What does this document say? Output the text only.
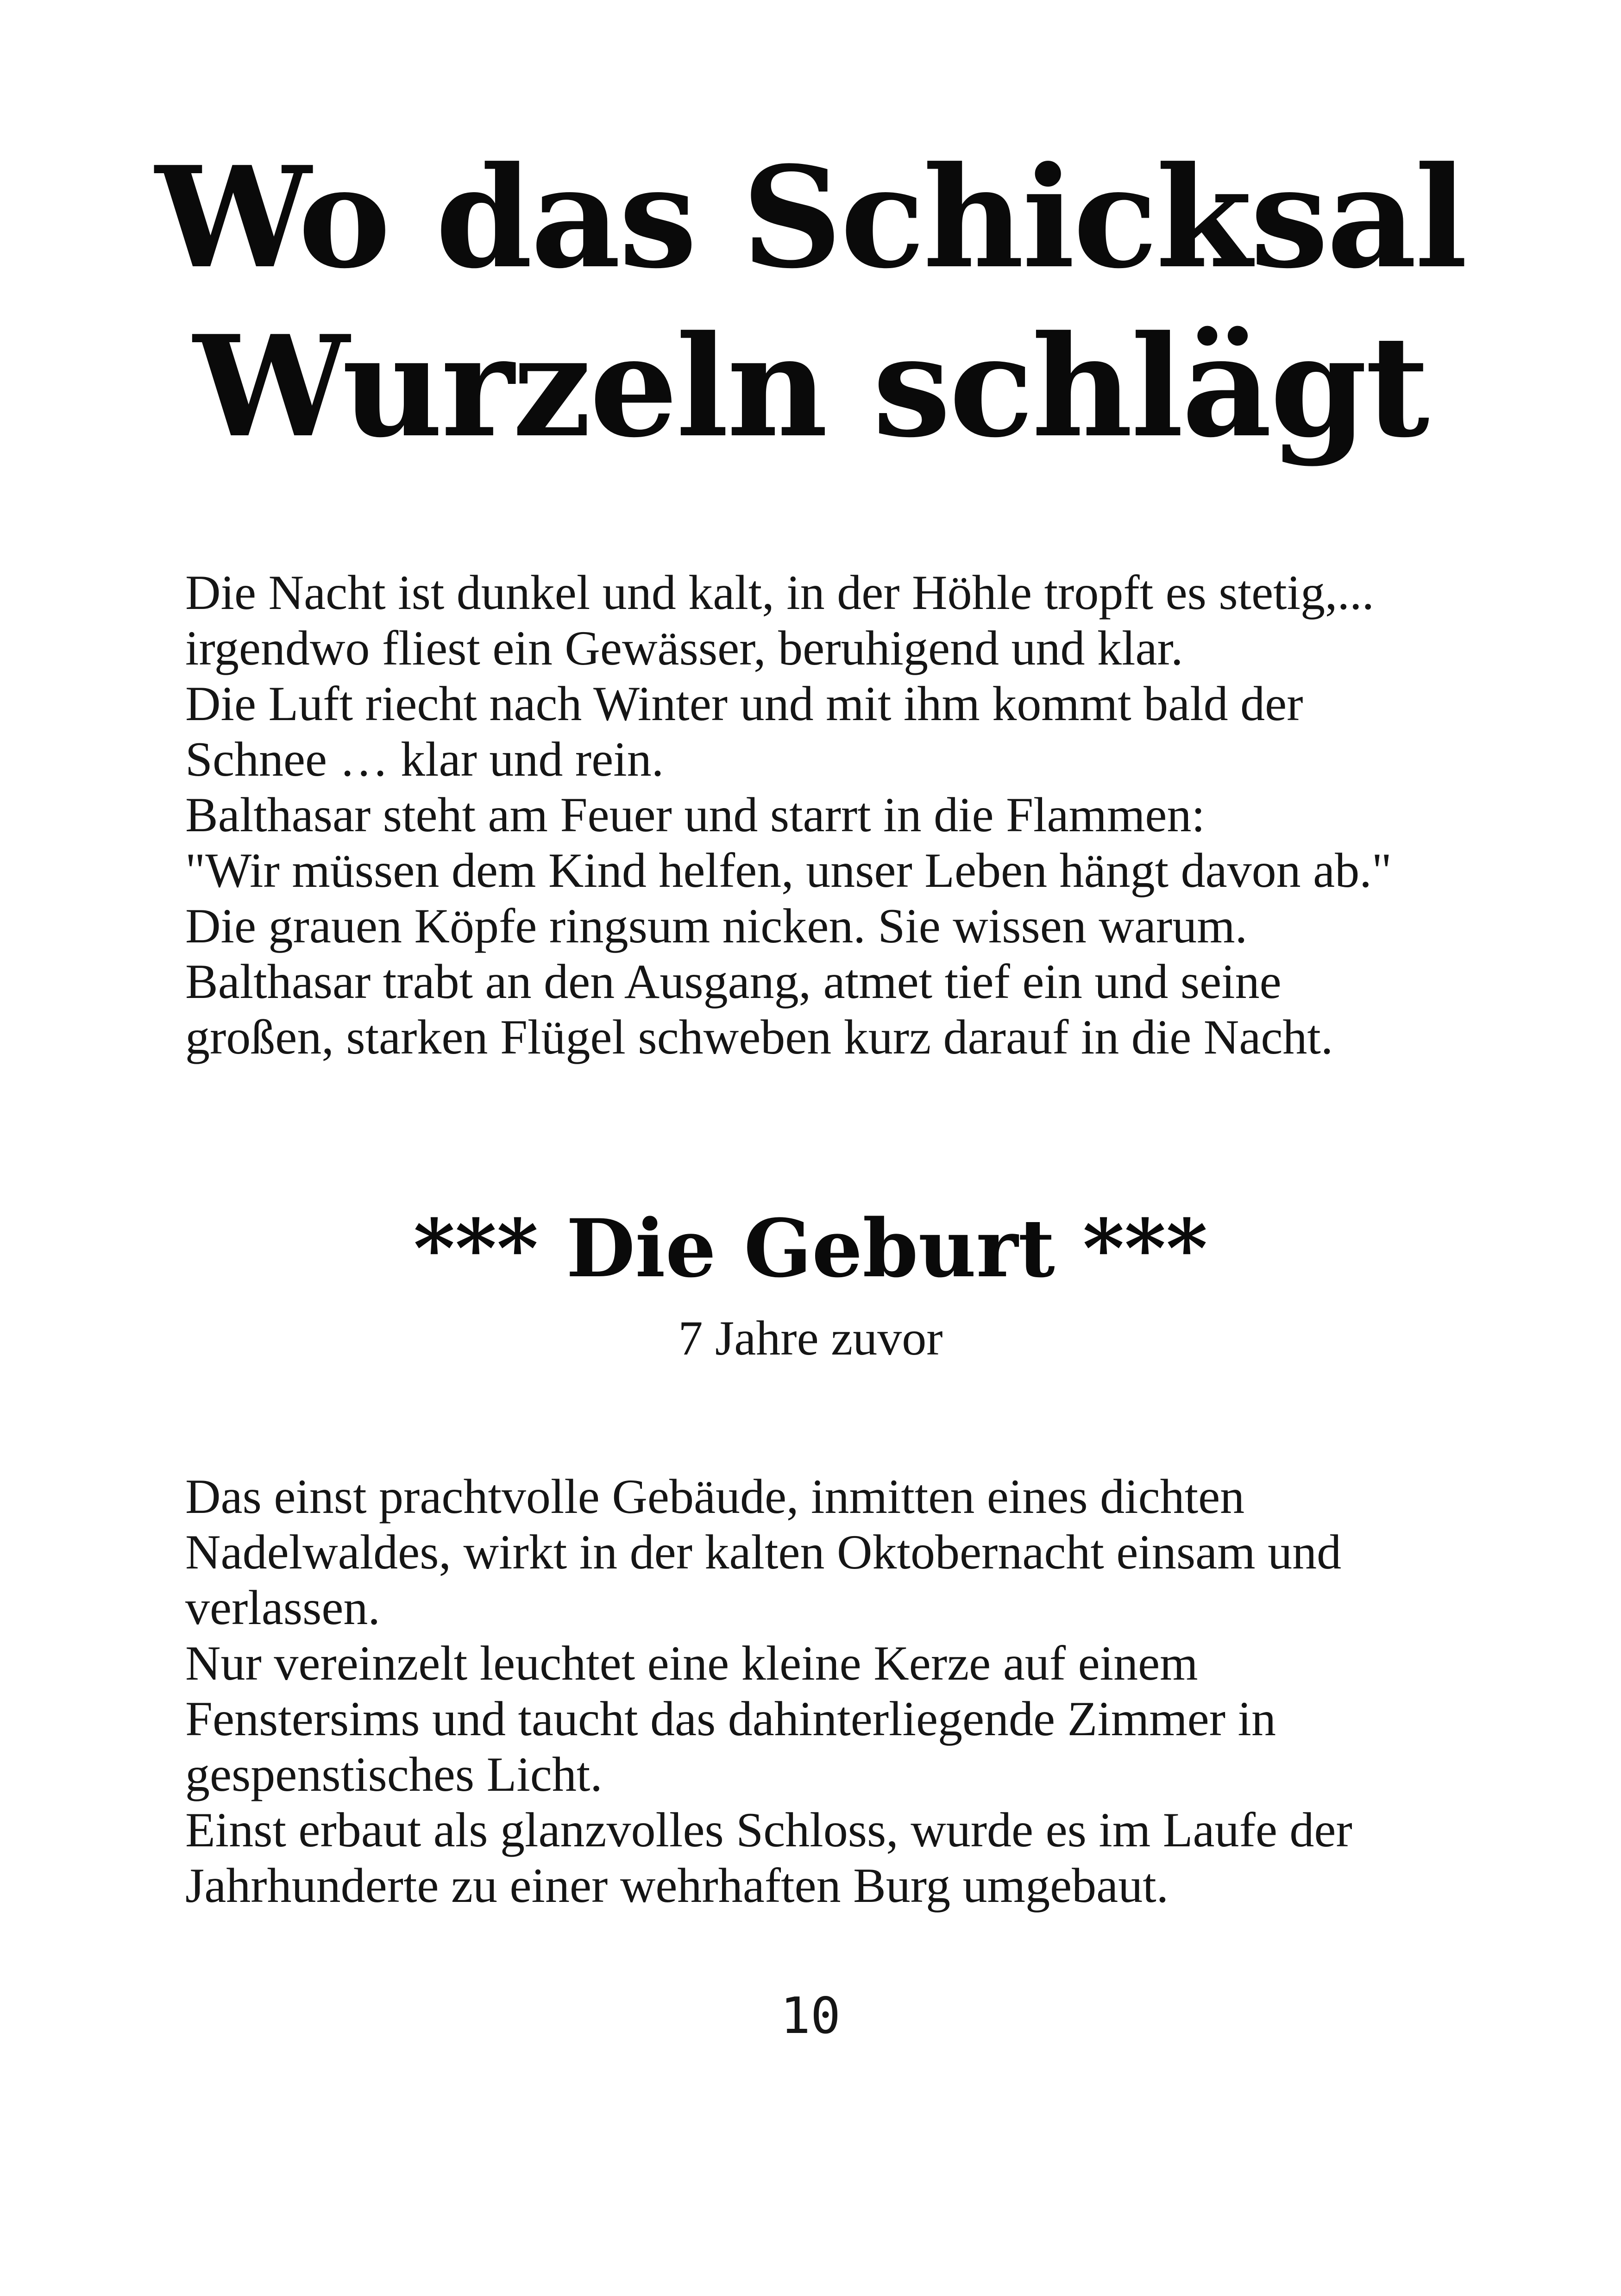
Wo das Schicksal
Wurzeln schlägt
Die Nacht ist dunkel und kalt, in der Höhle tropft es stetig,...
irgendwo fliest ein Gewässer, beruhigend und klar.
Die Luft riecht nach Winter und mit ihm kommt bald der
Schnee … klar und rein.
Balthasar steht am Feuer und starrt in die Flammen:
"Wir müssen dem Kind helfen, unser Leben hängt davon ab."
Die grauen Köpfe ringsum nicken. Sie wissen warum.
Balthasar trabt an den Ausgang, atmet tief ein und seine
großen, starken Flügel schweben kurz darauf in die Nacht.
*** Die Geburt ***
7 Jahre zuvor
Das einst prachtvolle Gebäude, inmitten eines dichten
Nadelwaldes, wirkt in der kalten Oktobernacht einsam und
verlassen.
Nur vereinzelt leuchtet eine kleine Kerze auf einem
Fenstersims und taucht das dahinterliegende Zimmer in
gespenstisches Licht.
Einst erbaut als glanzvolles Schloss, wurde es im Laufe der
Jahrhunderte zu einer wehrhaften Burg umgebaut.
10
